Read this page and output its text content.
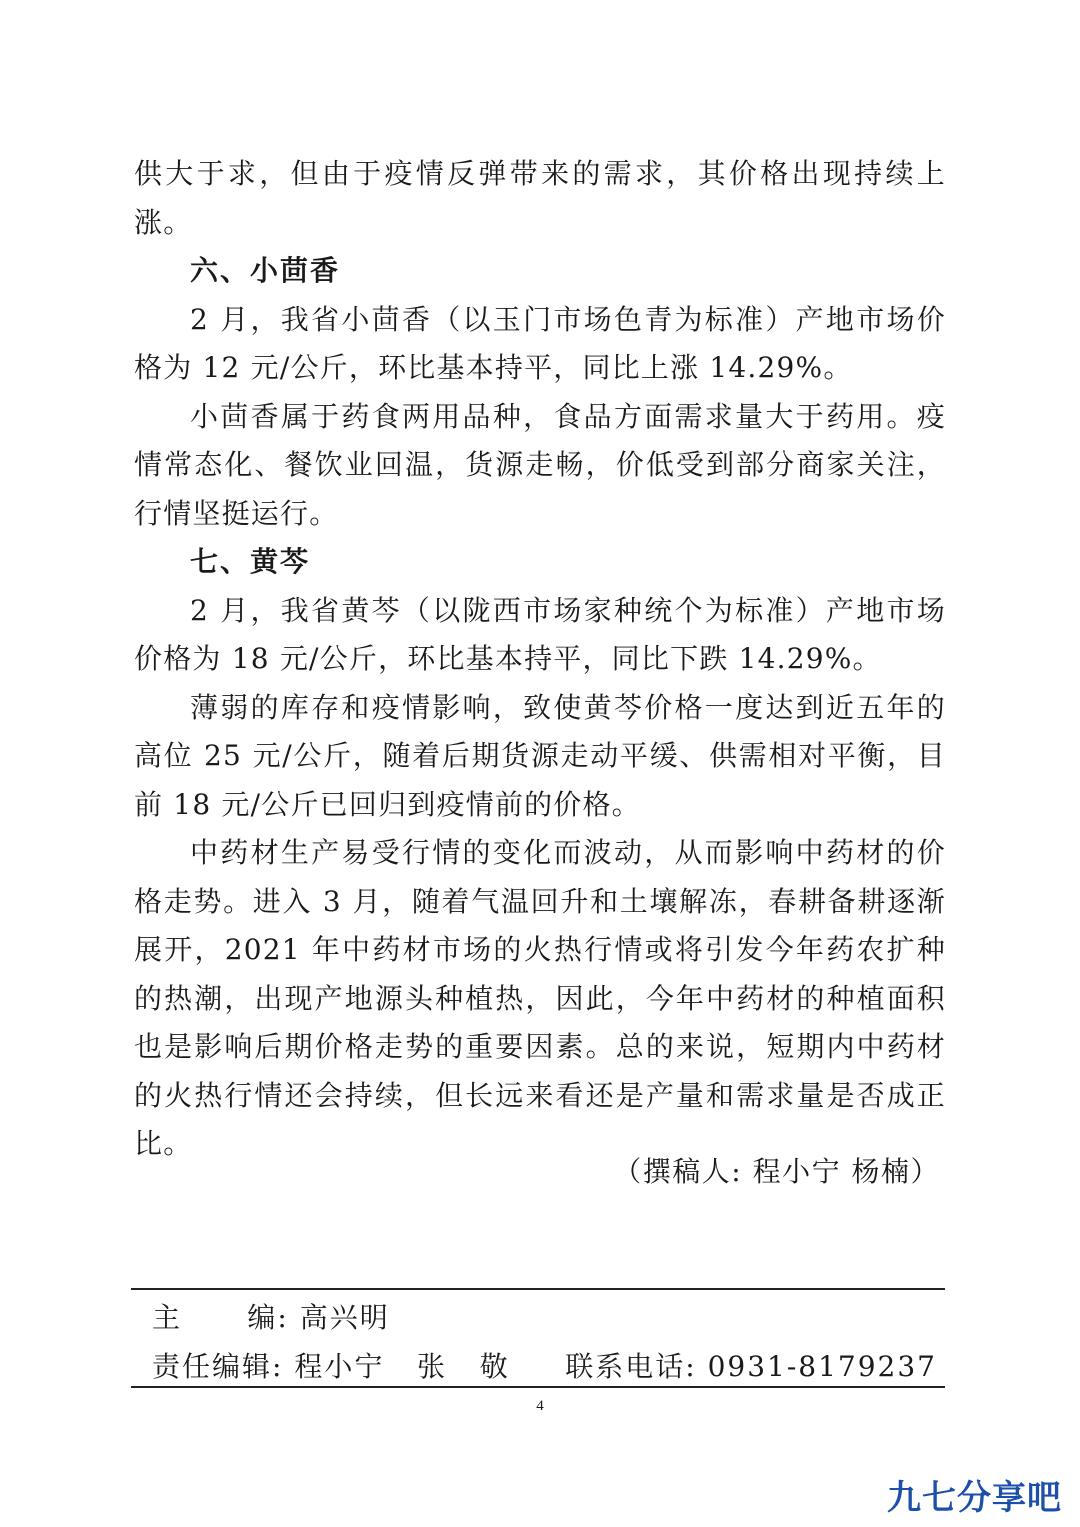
供大于求，但由于疫情反弹带来的需求，其价格出现持续上涨。

六、小茴香

2 月，我省小茴香（以玉门市场色青为标准）产地市场价格为 12 元/公斤，环比基本持平，同比上涨 14.29%。

小茴香属于药食两用品种，食品方面需求量大于药用。疫情常态化、餐饮业回温，货源走畅，价低受到部分商家关注，行情坚挺运行。

七、黄芩

2 月，我省黄芩（以陇西市场家种统个为标准）产地市场价格为 18 元/公斤，环比基本持平，同比下跌 14.29%。

薄弱的库存和疫情影响，致使黄芩价格一度达到近五年的高位 25 元/公斤，随着后期货源走动平缓、供需相对平衡，目前 18 元/公斤已回归到疫情前的价格。

中药材生产易受行情的变化而波动，从而影响中药材的价格走势。进入 3 月，随着气温回升和土壤解冻，春耕备耕逐渐展开，2021 年中药材市场的火热行情或将引发今年药农扩种的热潮，出现产地源头种植热，因此，今年中药材的种植面积也是影响后期价格走势的重要因素。总的来说，短期内中药材的火热行情还会持续，但长远来看还是产量和需求量是否成正比。

（撰稿人: 程小宁 杨楠）
主      编: 高兴明
责任编辑: 程小宁   张   敬 联系电话: 0931-8179237
4
九七分享吧
